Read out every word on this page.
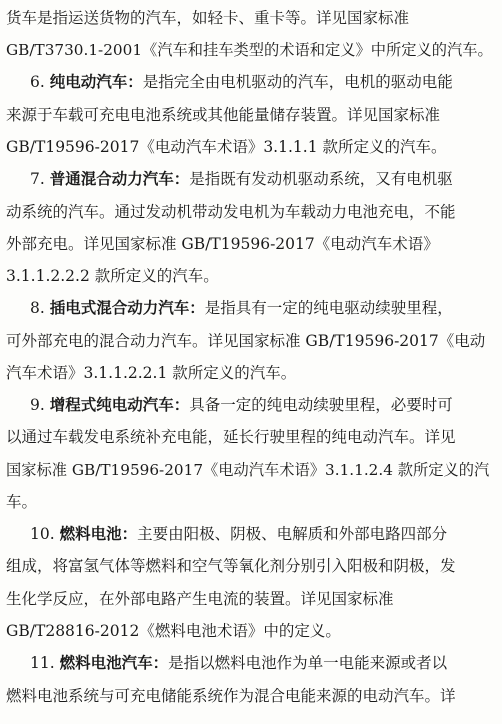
货车是指运送货物的汽车，如轻卡、重卡等。详见国家标准
GB/T3730.1-2001《汽车和挂车类型的术语和定义》中所定义的汽车。
6. 纯电动汽车：是指完全由电机驱动的汽车，电机的驱动电能
来源于车载可充电电池系统或其他能量储存装置。详见国家标准
GB/T19596-2017《电动汽车术语》3.1.1.1 款所定义的汽车。
7. 普通混合动力汽车：是指既有发动机驱动系统，又有电机驱
动系统的汽车。通过发动机带动发电机为车载动力电池充电，不能
外部充电。详见国家标准 GB/T19596-2017《电动汽车术语》
3.1.1.2.2.2 款所定义的汽车。
8. 插电式混合动力汽车：是指具有一定的纯电驱动续驶里程，
可外部充电的混合动力汽车。详见国家标准 GB/T19596-2017《电动
汽车术语》3.1.1.2.2.1 款所定义的汽车。
9. 增程式纯电动汽车：具备一定的纯电动续驶里程，必要时可
以通过车载发电系统补充电能，延长行驶里程的纯电动汽车。详见
国家标准 GB/T19596-2017《电动汽车术语》3.1.1.2.4 款所定义的汽
车。
10. 燃料电池：主要由阳极、阴极、电解质和外部电路四部分
组成，将富氢气体等燃料和空气等氧化剂分别引入阳极和阴极，发
生化学反应，在外部电路产生电流的装置。详见国家标准
GB/T28816-2012《燃料电池术语》中的定义。
11. 燃料电池汽车：是指以燃料电池作为单一电能来源或者以
燃料电池系统与可充电储能系统作为混合电能来源的电动汽车。详
